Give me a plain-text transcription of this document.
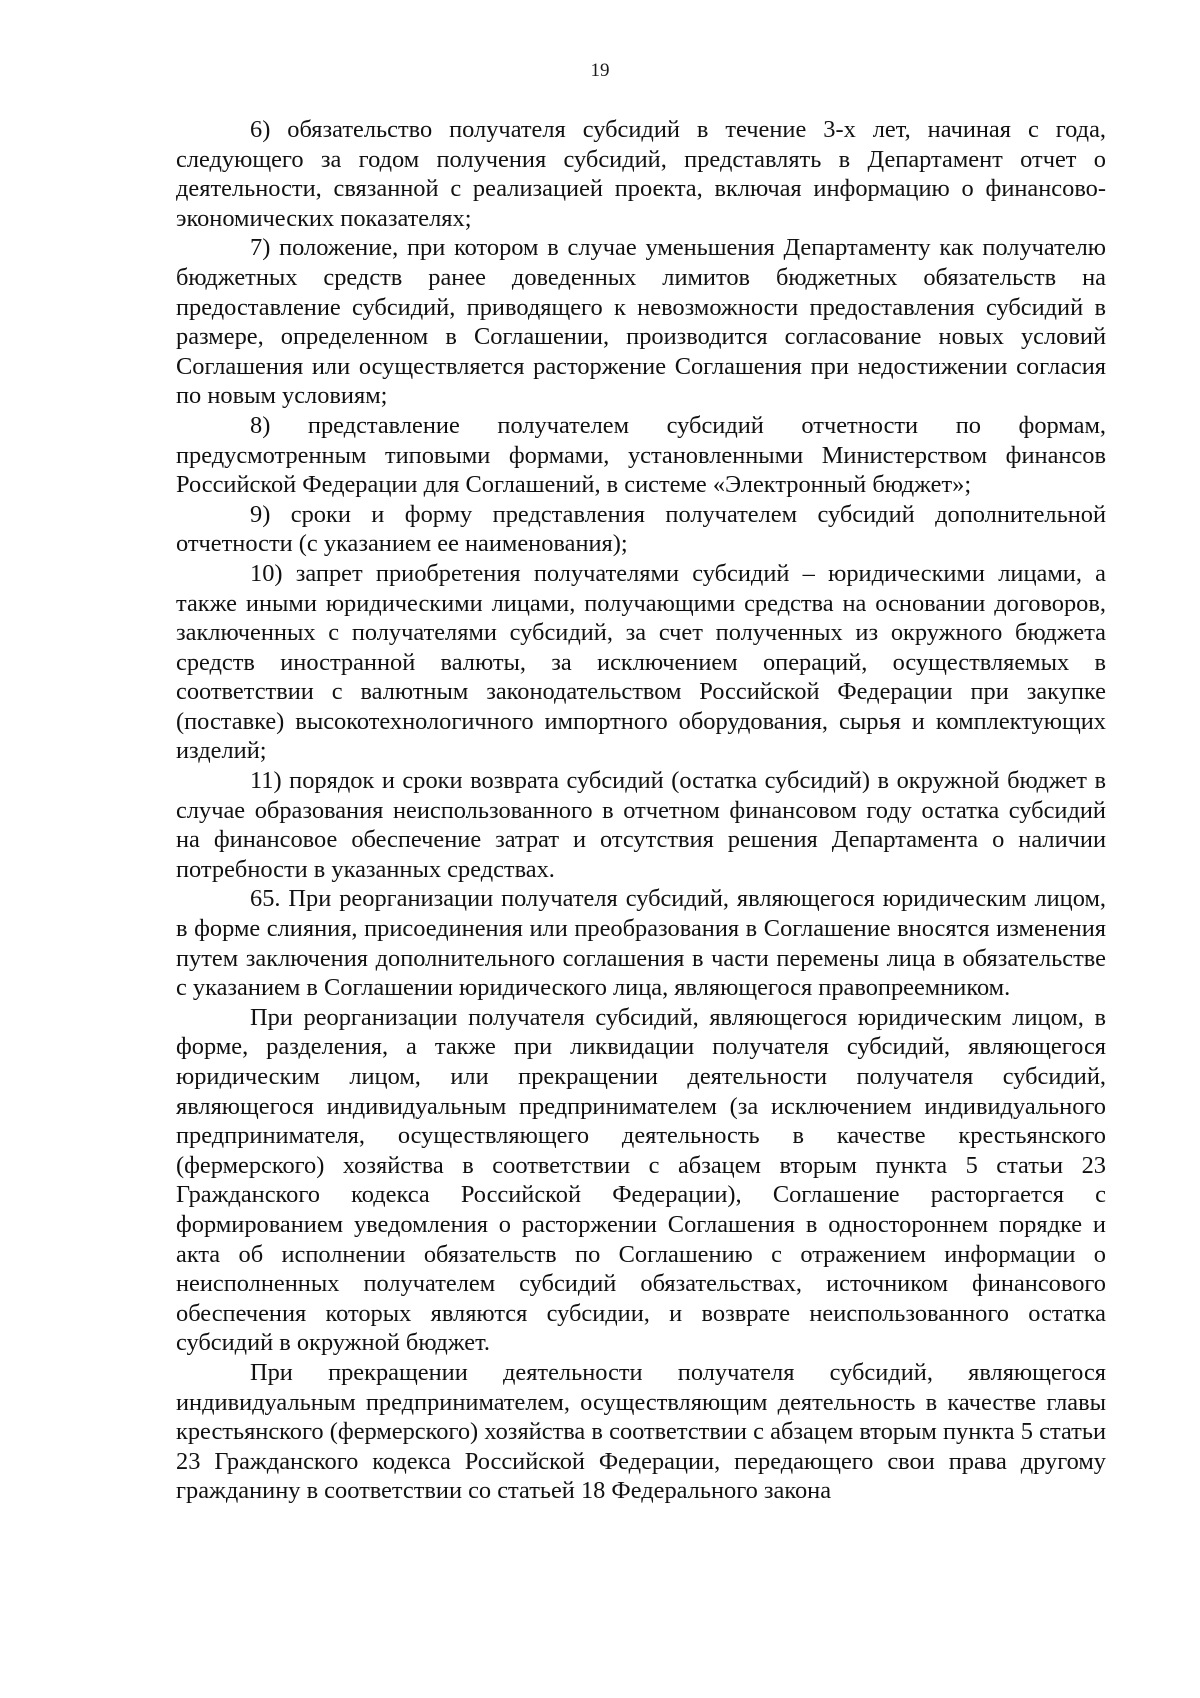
19

6) обязательство получателя субсидий в течение 3-х лет, начиная с года, следующего за годом получения субсидий, представлять в Департамент отчет о деятельности, связанной с реализацией проекта, включая информацию о финансово-экономических показателях;

7) положение, при котором в случае уменьшения Департаменту как получателю бюджетных средств ранее доведенных лимитов бюджетных обязательств на предоставление субсидий, приводящего к невозможности предоставления субсидий в размере, определенном в Соглашении, производится согласование новых условий Соглашения или осуществляется расторжение Соглашения при недостижении согласия по новым условиям;

8) представление получателем субсидий отчетности по формам, предусмотренным типовыми формами, установленными Министерством финансов Российской Федерации для Соглашений, в системе «Электронный бюджет»;

9) сроки и форму представления получателем субсидий дополнительной отчетности (с указанием ее наименования);

10) запрет приобретения получателями субсидий – юридическими лицами, а также иными юридическими лицами, получающими средства на основании договоров, заключенных с получателями субсидий, за счет полученных из окружного бюджета средств иностранной валюты, за исключением операций, осуществляемых в соответствии с валютным законодательством Российской Федерации при закупке (поставке) высокотехнологичного импортного оборудования, сырья и комплектующих изделий;

11) порядок и сроки возврата субсидий (остатка субсидий) в окружной бюджет в случае образования неиспользованного в отчетном финансовом году остатка субсидий на финансовое обеспечение затрат и отсутствия решения Департамента о наличии потребности в указанных средствах.

65. При реорганизации получателя субсидий, являющегося юридическим лицом, в форме слияния, присоединения или преобразования в Соглашение вносятся изменения путем заключения дополнительного соглашения в части перемены лица в обязательстве с указанием в Соглашении юридического лица, являющегося правопреемником.

При реорганизации получателя субсидий, являющегося юридическим лицом, в форме, разделения, а также при ликвидации получателя субсидий, являющегося юридическим лицом, или прекращении деятельности получателя субсидий, являющегося индивидуальным предпринимателем (за исключением индивидуального предпринимателя, осуществляющего деятельность в качестве крестьянского (фермерского) хозяйства в соответствии с абзацем вторым пункта 5 статьи 23 Гражданского кодекса Российской Федерации), Соглашение расторгается с формированием уведомления о расторжении Соглашения в одностороннем порядке и акта об исполнении обязательств по Соглашению с отражением информации о неисполненных получателем субсидий обязательствах, источником финансового обеспечения которых являются субсидии, и возврате неиспользованного остатка субсидий в окружной бюджет.

При прекращении деятельности получателя субсидий, являющегося индивидуальным предпринимателем, осуществляющим деятельность в качестве главы крестьянского (фермерского) хозяйства в соответствии с абзацем вторым пункта 5 статьи 23 Гражданского кодекса Российской Федерации, передающего свои права другому гражданину в соответствии со статьей 18 Федерального закона
